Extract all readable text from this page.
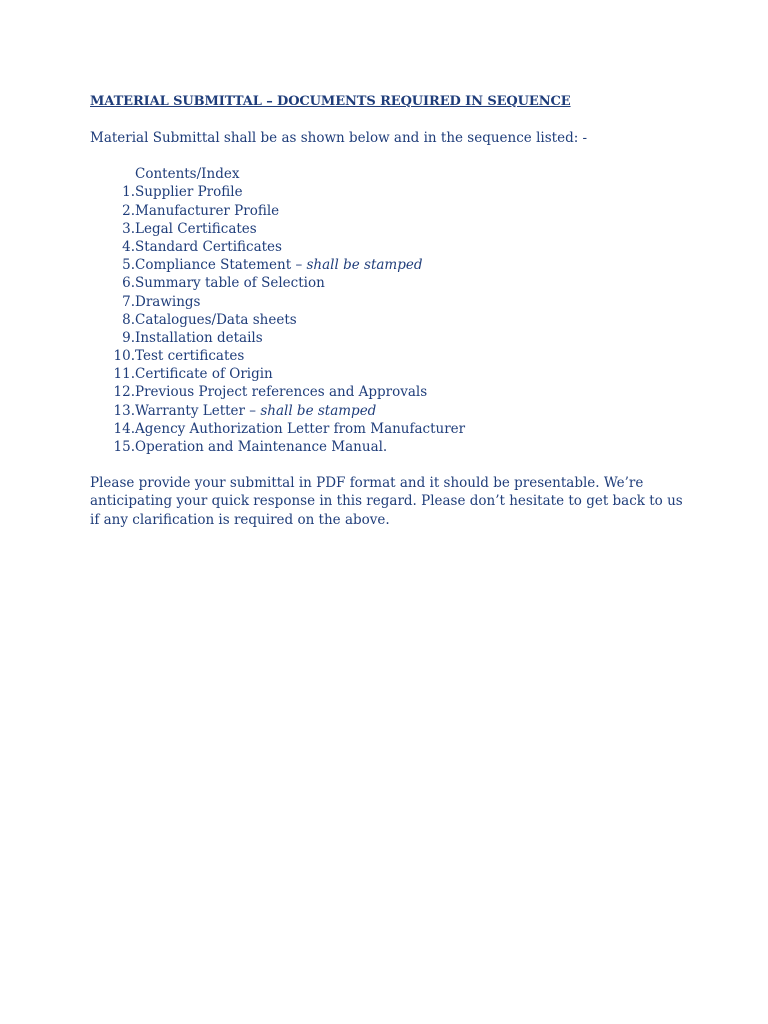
MATERIAL SUBMITTAL – DOCUMENTS REQUIRED IN SEQUENCE

Material Submittal shall be as shown below and in the sequence listed: -

Contents/Index
1. Supplier Profile
2. Manufacturer Profile
3. Legal Certificates
4. Standard Certificates
5. Compliance Statement – shall be stamped
6. Summary table of Selection
7. Drawings
8. Catalogues/Data sheets
9. Installation details
10. Test certificates
11. Certificate of Origin
12. Previous Project references and Approvals
13. Warranty Letter – shall be stamped
14. Agency Authorization Letter from Manufacturer
15. Operation and Maintenance Manual.

Please provide your submittal in PDF format and it should be presentable. We’re anticipating your quick response in this regard. Please don’t hesitate to get back to us if any clarification is required on the above.
